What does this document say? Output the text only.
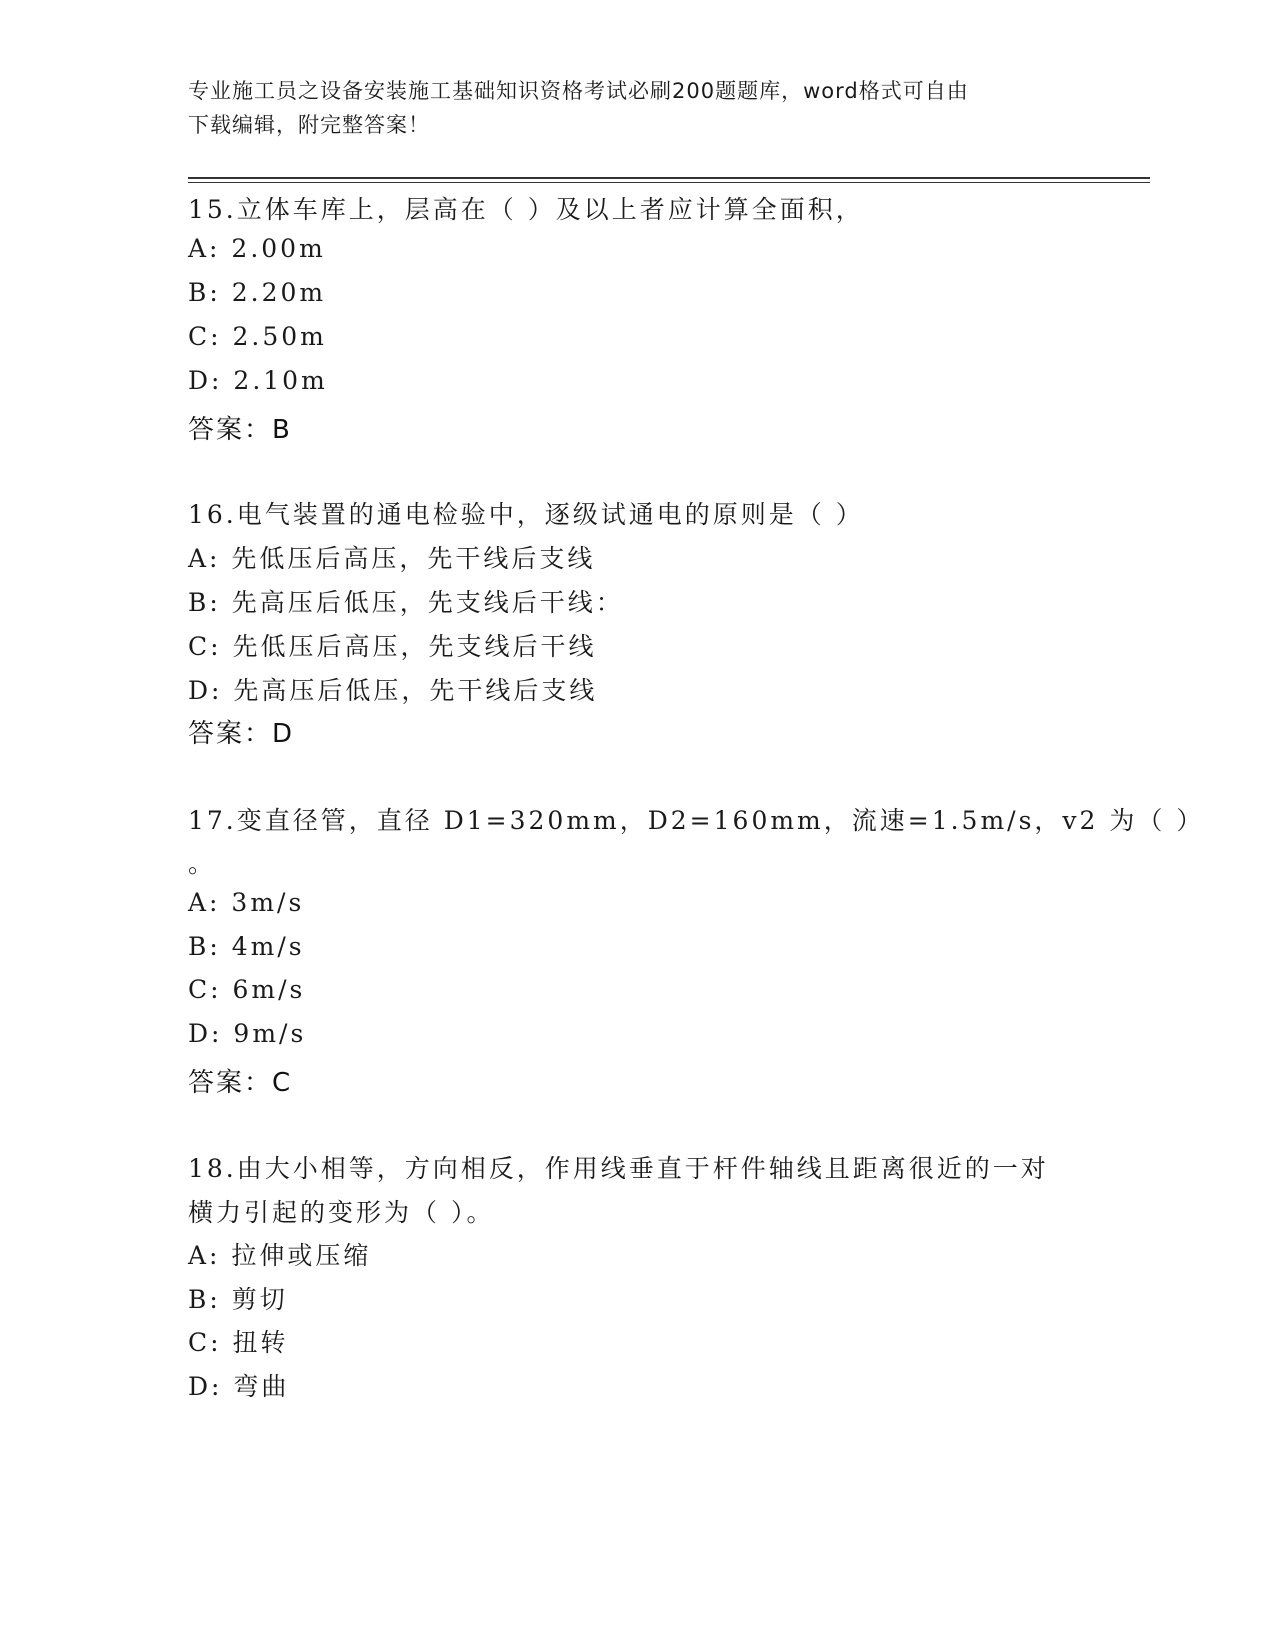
专业施工员之设备安装施工基础知识资格考试必刷200题题库，word格式可自由
下载编辑，附完整答案！
15.立体车库上，层高在（ ）及以上者应计算全面积，
A: 2.00m
B: 2.20m
C: 2.50m
D: 2.10m
答案：B
16.电气装置的通电检验中，逐级试通电的原则是（ ）
A: 先低压后高压，先干线后支线
B: 先高压后低压，先支线后干线：
C: 先低压后高压，先支线后干线
D: 先高压后低压，先干线后支线
答案：D
17.变直径管，直径 D1=320mm，D2=160mm，流速=1.5m/s，v2 为（ ）
。
A: 3m/s
B: 4m/s
C: 6m/s
D: 9m/s
答案：C
18.由大小相等，方向相反，作用线垂直于杆件轴线且距离很近的一对
横力引起的变形为（ ）。
A: 拉伸或压缩
B: 剪切
C: 扭转
D: 弯曲
